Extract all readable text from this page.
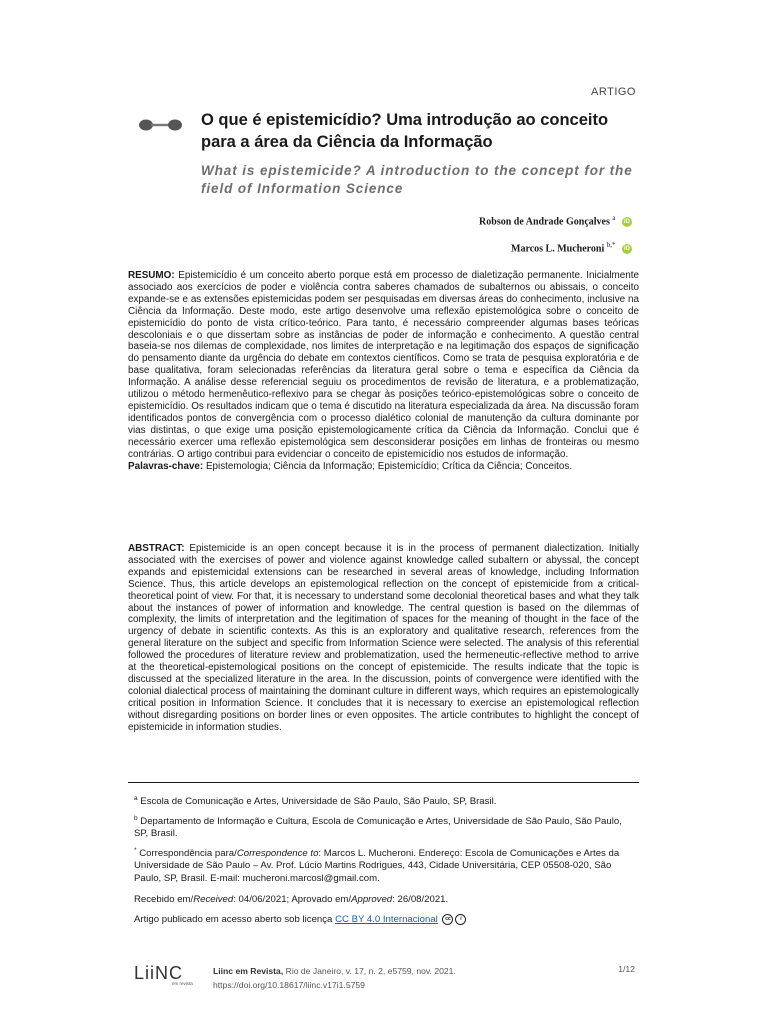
ARTIGO
O que é epistemicídio? Uma introdução ao conceito para a área da Ciência da Informação
What is epistemicide? A introduction to the concept for the field of Information Science
Robson de Andrade Gonçalves $^a$ iD
Marcos L. Mucheroni $^{b,*}$ iD
RESUMO: Epistemicídio é um conceito aberto porque está em processo de dialetização permanente. Inicialmente associado aos exercícios de poder e violência contra saberes chamados de subalternos ou abissais, o conceito expande-se e as extensões epistemicidas podem ser pesquisadas em diversas áreas do conhecimento, inclusive na Ciência da Informação. Deste modo, este artigo desenvolve uma reflexão epistemológica sobre o conceito de epistemicídio do ponto de vista crítico-teórico. Para tanto, é necessário compreender algumas bases teóricas descoloniais e o que dissertam sobre as instâncias de poder de informação e conhecimento. A questão central baseia-se nos dilemas de complexidade, nos limites de interpretação e na legitimação dos espaços de significação do pensamento diante da urgência do debate em contextos científicos. Como se trata de pesquisa exploratória e de base qualitativa, foram selecionadas referências da literatura geral sobre o tema e específica da Ciência da Informação. A análise desse referencial seguiu os procedimentos de revisão de literatura, e a problematização, utilizou o método hermenêutico-reflexivo para se chegar às posições teórico-epistemológicas sobre o conceito de epistemicídio. Os resultados indicam que o tema é discutido na literatura especializada da área. Na discussão foram identificados pontos de convergência com o processo dialético colonial de manutenção da cultura dominante por vias distintas, o que exige uma posição epistemologicamente crítica da Ciência da Informação. Conclui que é necessário exercer uma reflexão epistemológica sem desconsiderar posições em linhas de fronteiras ou mesmo contrárias. O artigo contribui para evidenciar o conceito de epistemicídio nos estudos de informação.
Palavras-chave: Epistemologia; Ciência da Informação; Epistemicídio; Crítica da Ciência; Conceitos.
ABSTRACT: Epistemicide is an open concept because it is in the process of permanent dialectization. Initially associated with the exercises of power and violence against knowledge called subaltern or abyssal, the concept expands and epistemicidal extensions can be researched in several areas of knowledge, including Information Science. Thus, this article develops an epistemological reflection on the concept of epistemicide from a critical-theoretical point of view. For that, it is necessary to understand some decolonial theoretical bases and what they talk about the instances of power of information and knowledge. The central question is based on the dilemmas of complexity, the limits of interpretation and the legitimation of spaces for the meaning of thought in the face of the urgency of debate in scientific contexts. As this is an exploratory and qualitative research, references from the general literature on the subject and specific from Information Science were selected. The analysis of this referential followed the procedures of literature review and problematization, used the hermeneutic-reflective method to arrive at the theoretical-epistemological positions on the concept of epistemicide. The results indicate that the topic is discussed at the specialized literature in the area. In the discussion, points of convergence were identified with the colonial dialectical process of maintaining the dominant culture in different ways, which requires an epistemologically critical position in Information Science. It concludes that it is necessary to exercise an epistemological reflection without disregarding positions on border lines or even opposites. The article contributes to highlight the concept of epistemicide in information studies.
$^a$ Escola de Comunicação e Artes, Universidade de São Paulo, São Paulo, SP, Brasil.
$^b$ Departamento de Informação e Cultura, Escola de Comunicação e Artes, Universidade de São Paulo, São Paulo, SP, Brasil.
* Correspondência para/Correspondence to: Marcos L. Mucheroni. Endereço: Escola de Comunicações e Artes da Universidade de São Paulo – Av. Prof. Lúcio Martins Rodrigues, 443, Cidade Universitária, CEP 05508-020, São Paulo, SP, Brasil. E-mail: mucheroni.marcosl@gmail.com.
Recebido em/Received: 04/06/2021; Aprovado em/Approved: 26/08/2021.
Artigo publicado em acesso aberto sob licença CC BY 4.0 Internacional cc i
LiiNC
em revista
Liinc em Revista, Rio de Janeiro, v. 17, n. 2, e5759, nov. 2021.
https://doi.org/10.18617/liinc.v17i1.5759
1/12
